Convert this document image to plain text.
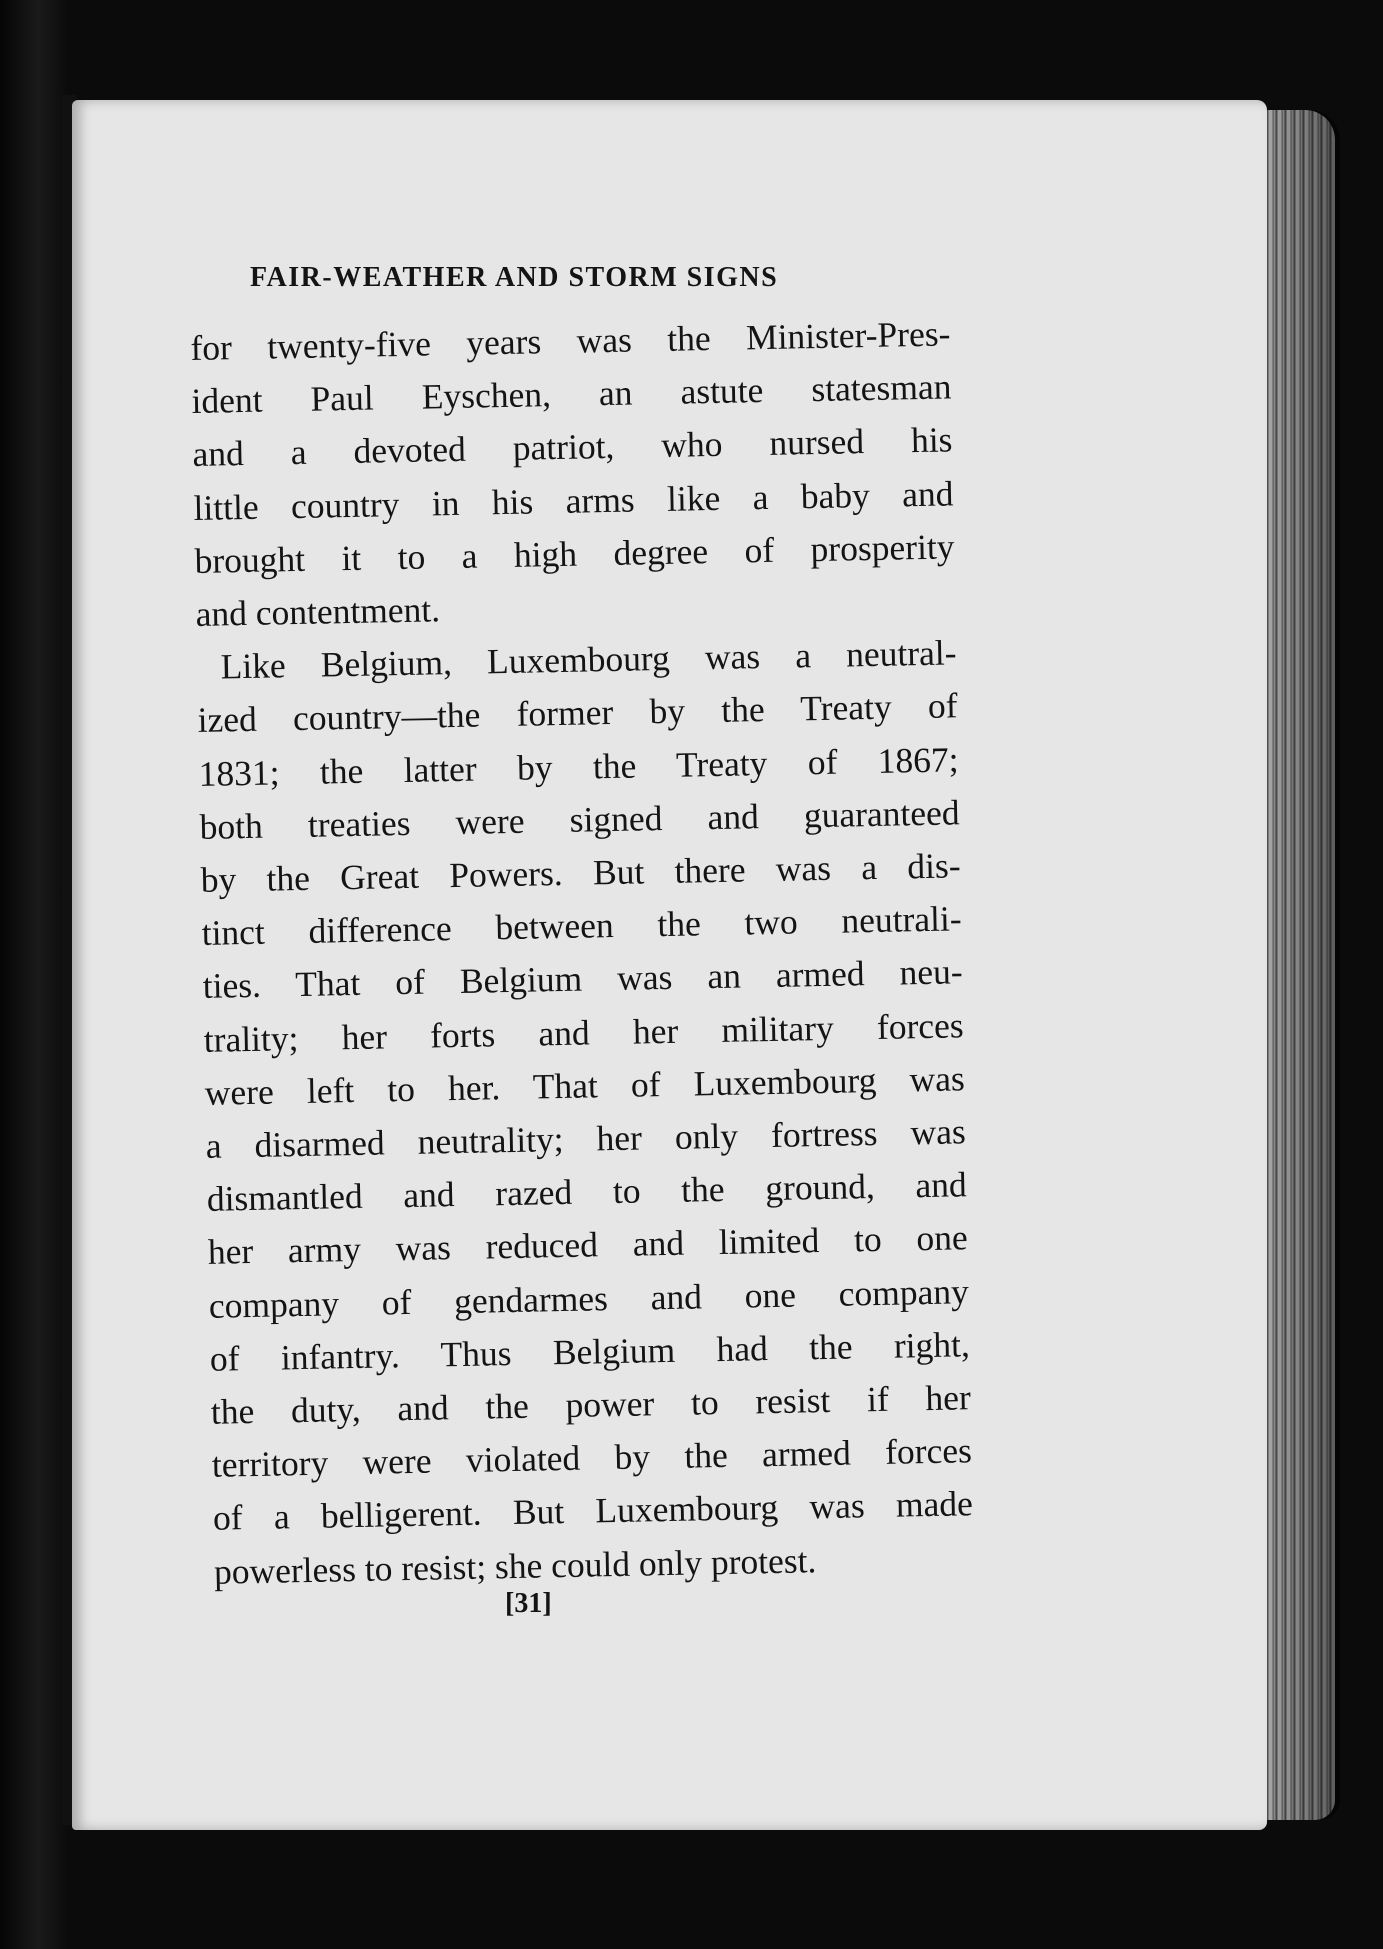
FAIR-WEATHER AND STORM SIGNS
for twenty-five years was the Minister-Pres-
ident Paul Eyschen, an astute statesman
and a devoted patriot, who nursed his
little country in his arms like a baby and
brought it to a high degree of prosperity
and contentment.
Like Belgium, Luxembourg was a neutral-
ized country—the former by the Treaty of
1831; the latter by the Treaty of 1867;
both treaties were signed and guaranteed
by the Great Powers. But there was a dis-
tinct difference between the two neutrali-
ties. That of Belgium was an armed neu-
trality; her forts and her military forces
were left to her. That of Luxembourg was
a disarmed neutrality; her only fortress was
dismantled and razed to the ground, and
her army was reduced and limited to one
company of gendarmes and one company
of infantry. Thus Belgium had the right,
the duty, and the power to resist if her
territory were violated by the armed forces
of a belligerent. But Luxembourg was made
powerless to resist; she could only protest.
[31]
